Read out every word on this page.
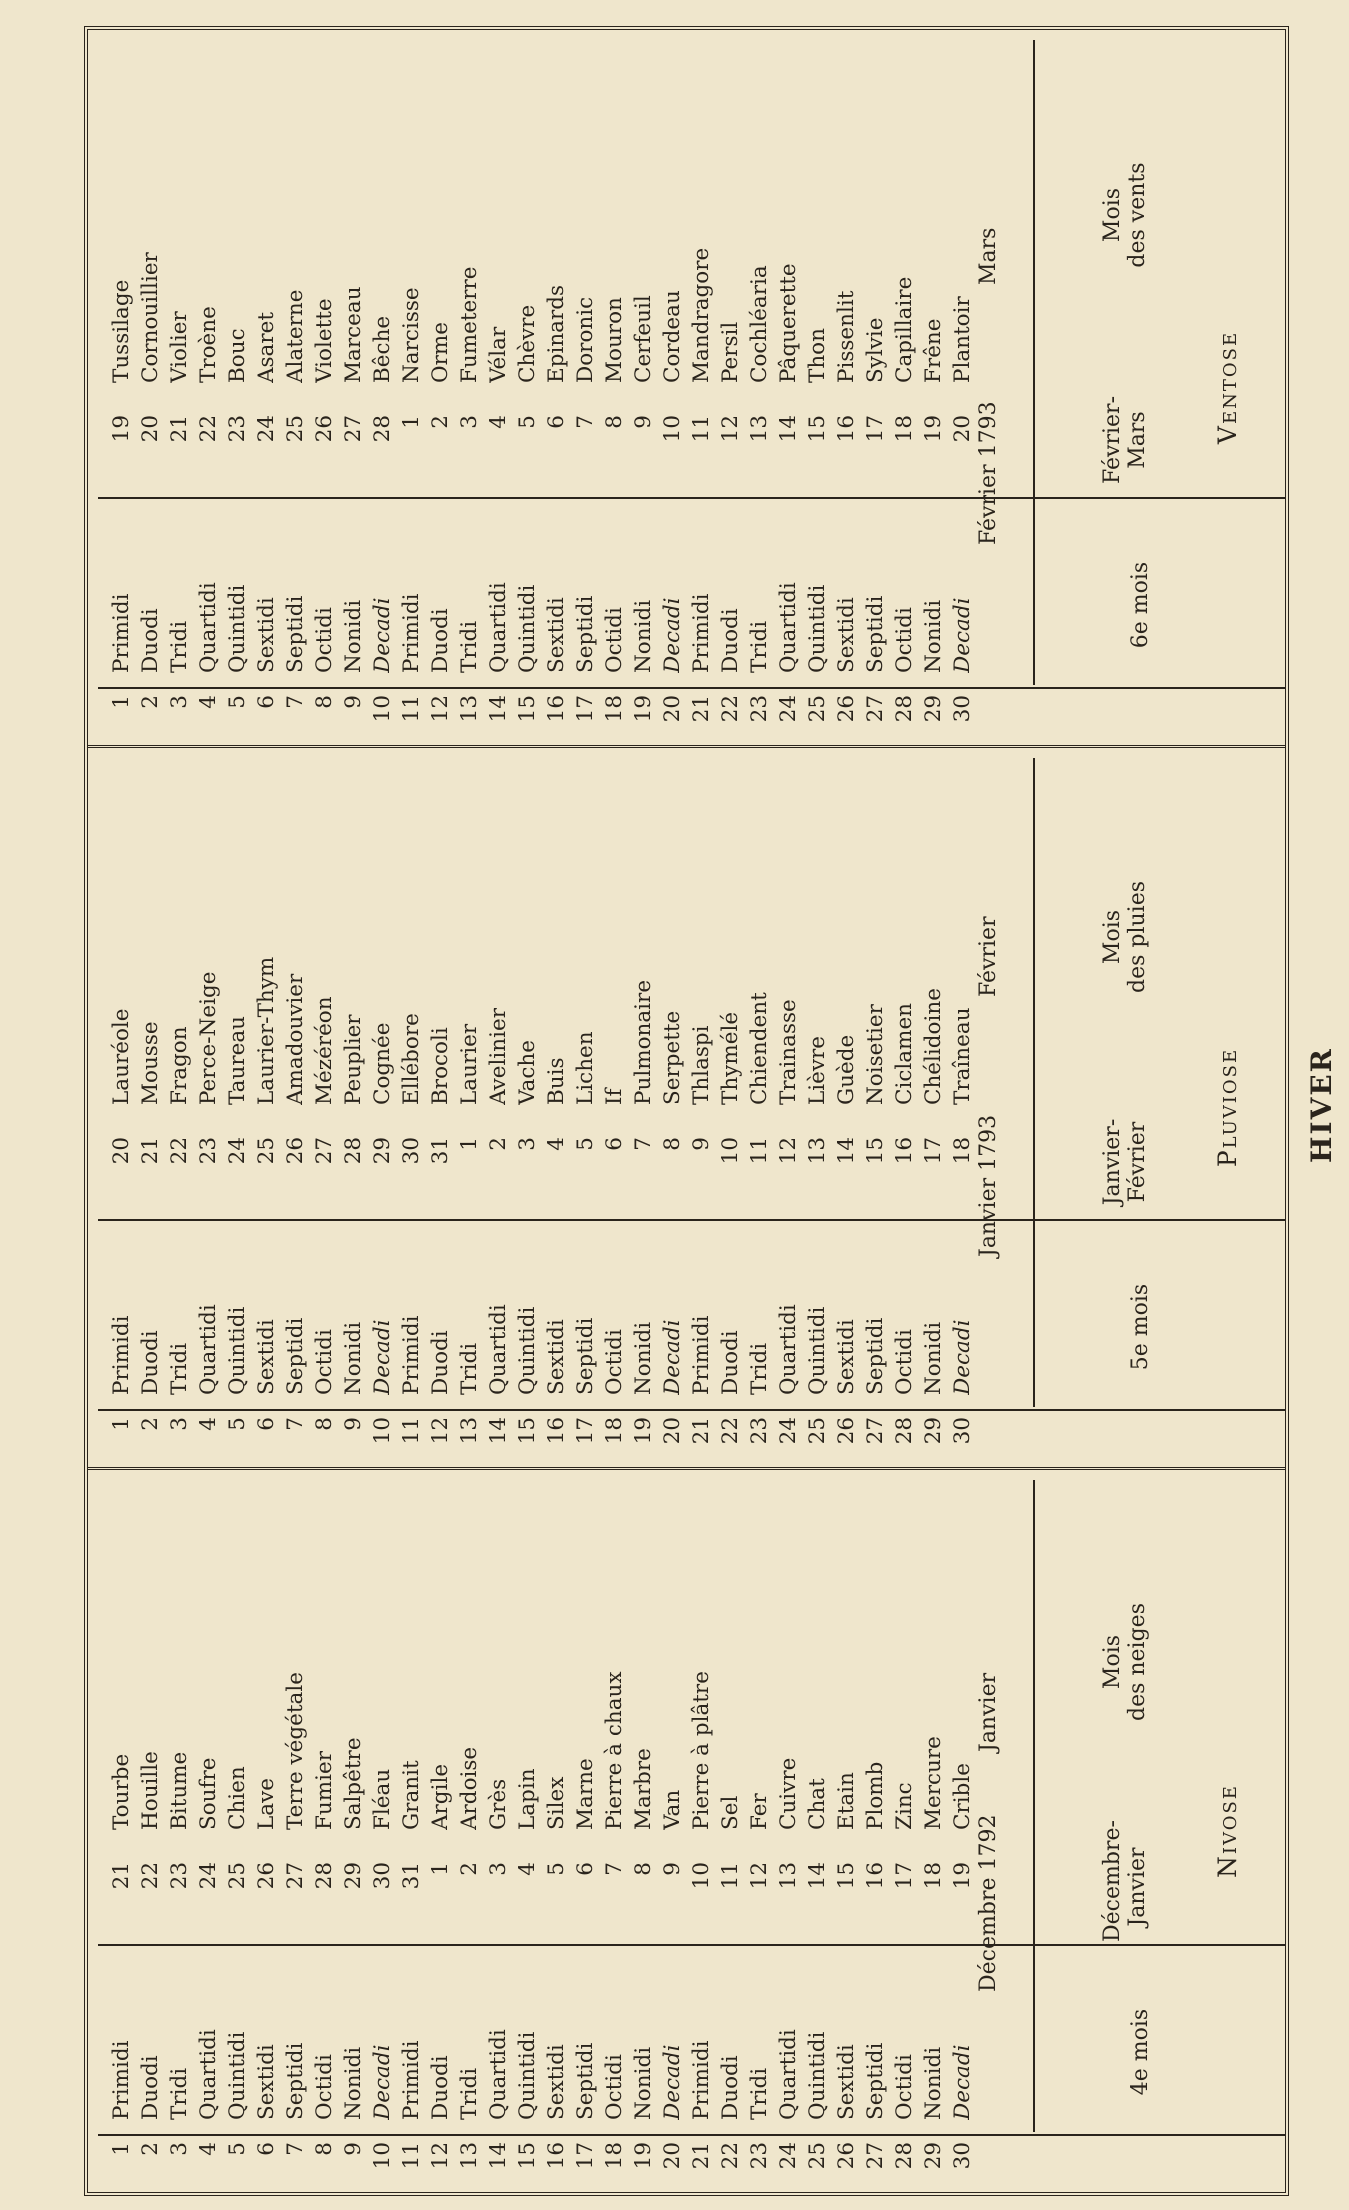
HIVER
Nivose
4e mois
Décembre-
Janvier
Mois
des neiges
Décembre 1792
Janvier
1
Primidi
21
Tourbe
2
Duodi
22
Houille
3
Tridi
23
Bitume
4
Quartidi
24
Soufre
5
Quintidi
25
Chien
6
Sextidi
26
Lave
7
Septidi
27
Terre végétale
8
Octidi
28
Fumier
9
Nonidi
29
Salpêtre
10
Decadi
30
Fléau
11
Primidi
31
Granit
12
Duodi
1
Argile
13
Tridi
2
Ardoise
14
Quartidi
3
Grès
15
Quintidi
4
Lapin
16
Sextidi
5
Silex
17
Septidi
6
Marne
18
Octidi
7
Pierre à chaux
19
Nonidi
8
Marbre
20
Decadi
9
Van
21
Primidi
10
Pierre à plâtre
22
Duodi
11
Sel
23
Tridi
12
Fer
24
Quartidi
13
Cuivre
25
Quintidi
14
Chat
26
Sextidi
15
Etain
27
Septidi
16
Plomb
28
Octidi
17
Zinc
29
Nonidi
18
Mercure
30
Decadi
19
Crible
Pluviose
5e mois
Janvier-
Février
Mois
des pluies
Janvier 1793
Février
1
Primidi
20
Lauréole
2
Duodi
21
Mousse
3
Tridi
22
Fragon
4
Quartidi
23
Perce-Neige
5
Quintidi
24
Taureau
6
Sextidi
25
Laurier-Thym
7
Septidi
26
Amadouvier
8
Octidi
27
Mézéréon
9
Nonidi
28
Peuplier
10
Decadi
29
Cognée
11
Primidi
30
Ellébore
12
Duodi
31
Brocoli
13
Tridi
1
Laurier
14
Quartidi
2
Avelinier
15
Quintidi
3
Vache
16
Sextidi
4
Buis
17
Septidi
5
Lichen
18
Octidi
6
If
19
Nonidi
7
Pulmonaire
20
Decadi
8
Serpette
21
Primidi
9
Thlaspi
22
Duodi
10
Thymélé
23
Tridi
11
Chiendent
24
Quartidi
12
Trainasse
25
Quintidi
13
Lièvre
26
Sextidi
14
Guède
27
Septidi
15
Noisetier
28
Octidi
16
Ciclamen
29
Nonidi
17
Chélidoine
30
Decadi
18
Traîneau
Ventose
6e mois
Février-
Mars
Mois
des vents
Février 1793
Mars
1
Primidi
19
Tussilage
2
Duodi
20
Cornouillier
3
Tridi
21
Violier
4
Quartidi
22
Troène
5
Quintidi
23
Bouc
6
Sextidi
24
Asaret
7
Septidi
25
Alaterne
8
Octidi
26
Violette
9
Nonidi
27
Marceau
10
Decadi
28
Bêche
11
Primidi
1
Narcisse
12
Duodi
2
Orme
13
Tridi
3
Fumeterre
14
Quartidi
4
Vélar
15
Quintidi
5
Chèvre
16
Sextidi
6
Epinards
17
Septidi
7
Doronic
18
Octidi
8
Mouron
19
Nonidi
9
Cerfeuil
20
Decadi
10
Cordeau
21
Primidi
11
Mandragore
22
Duodi
12
Persil
23
Tridi
13
Cochléaria
24
Quartidi
14
Pâquerette
25
Quintidi
15
Thon
26
Sextidi
16
Pissenlit
27
Septidi
17
Sylvie
28
Octidi
18
Capillaire
29
Nonidi
19
Frêne
30
Decadi
20
Plantoir
